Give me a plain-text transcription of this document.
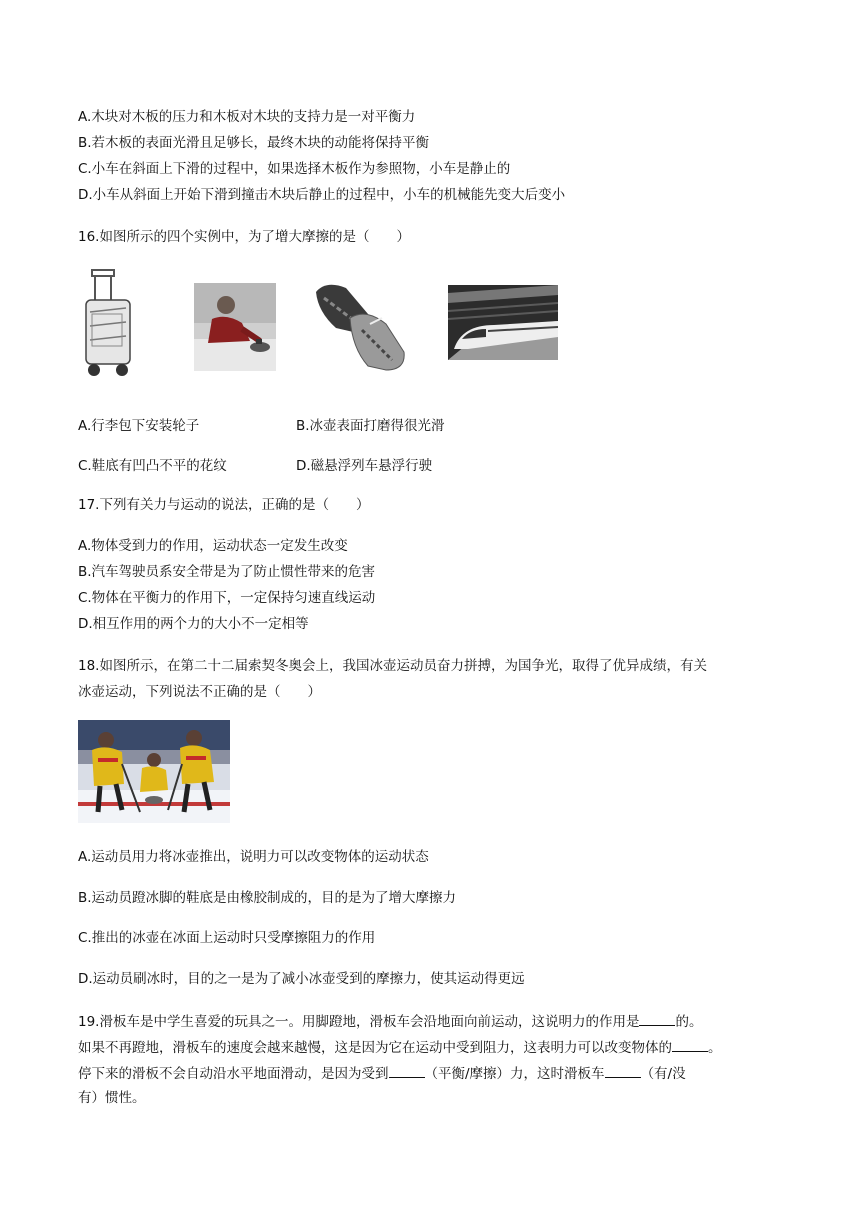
A.木块对木板的压力和木板对木块的支持力是一对平衡力
B.若木板的表面光滑且足够长，最终木块的动能将保持平衡
C.小车在斜面上下滑的过程中，如果选择木板作为参照物，小车是静止的
D.小车从斜面上开始下滑到撞击木块后静止的过程中，小车的机械能先变大后变小
16.如图所示的四个实例中，为了增大摩擦的是（　　）
A.行李包下安装轮子	B.冰壶表面打磨得很光滑
C.鞋底有凹凸不平的花纹	D.磁悬浮列车悬浮行驶
17.下列有关力与运动的说法，正确的是（　　）
A.物体受到力的作用，运动状态一定发生改变
B.汽车驾驶员系安全带是为了防止惯性带来的危害
C.物体在平衡力的作用下，一定保持匀速直线运动
D.相互作用的两个力的大小不一定相等
18.如图所示，在第二十二届索契冬奥会上，我国冰壶运动员奋力拼搏，为国争光，取得了优异成绩，有关
冰壶运动，下列说法不正确的是（　　）
A.运动员用力将冰壶推出，说明力可以改变物体的运动状态
B.运动员蹬冰脚的鞋底是由橡胶制成的，目的是为了增大摩擦力
C.推出的冰壶在冰面上运动时只受摩擦阻力的作用
D.运动员刷冰时，目的之一是为了减小冰壶受到的摩擦力，使其运动得更远
19.滑板车是中学生喜爱的玩具之一。用脚蹬地，滑板车会沿地面向前运动，这说明力的作用是	的。
如果不再蹬地，滑板车的速度会越来越慢，这是因为它在运动中受到阻力，这表明力可以改变物体的	。
停下来的滑板不会自动沿水平地面滑动，是因为受到	（平衡/摩擦）力，这时滑板车	（有/没
有）惯性。
